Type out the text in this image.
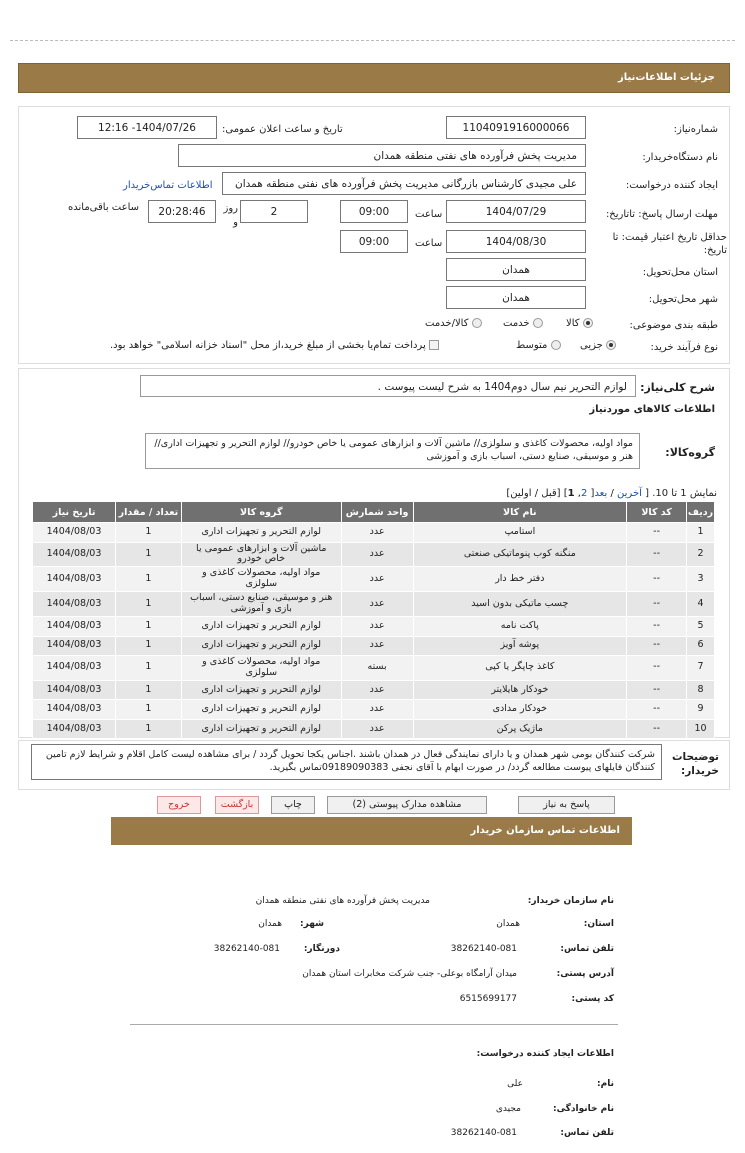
جزئیات اطلاعات‌نیاز
شماره‌نیاز:
1104091916000066
تاریخ و ساعت اعلان عمومی:
1404/07/26- 12:16
نام دستگاه‌خریدار:
مدیریت پخش فرآورده های نفتی منطقه همدان
ایجاد کننده درخواست:
علی مجیدی کارشناس بازرگانی مدیریت پخش فرآورده های نفتی منطقه همدان
اطلاعات تماس‌خریدار
مهلت ارسال پاسخ: تاتاریخ:
1404/07/29
ساعت
09:00
2
روز و
20:28:46
ساعت باقی‌مانده
حداقل تاریخ اعتبار قیمت: تا تاریخ:
1404/08/30
ساعت
09:00
استان محل‌تحویل:
همدان
شهر محل‌تحویل:
همدان
طبقه بندی موضوعی:
کالا
خدمت
کالا/خدمت
نوع فرآیند خرید:
جزیی
متوسط
پرداخت تمام‌یا بخشی از مبلغ خرید،از محل "اسناد خزانه اسلامی" خواهد بود.
شرح کلی‌نیاز:
لوازم التحریر نیم سال دوم1404 به شرح لیست پیوست .
اطلاعات کالاهای موردنیاز
گروه‌کالا:
مواد اولیه، محصولات کاغذی و سلولزی// ماشین آلات و ابزارهای عمومی یا خاص خودرو// لوازم التحریر و تجهیزات اداری// هنر و موسیقی، صنایع دستی، اسباب بازی و آموزشی
نمایش 1 تا 10. [ آخرین / بعد[ 2, 1] [قبل / اولین]
ردیف	کد کالا	نام کالا	واحد شمارش	گروه کالا	تعداد / مقدار	تاریخ نیاز
1	--	استامپ	عدد	لوازم التحریر و تجهیزات اداری	1	1404/08/03
2	--	منگنه کوب پنوماتیکی صنعتی	عدد	ماشین آلات و ابزارهای عمومی یا خاص خودرو	1	1404/08/03
3	--	دفتر خط دار	عدد	مواد اولیه، محصولات کاغذی و سلولزی	1	1404/08/03
4	--	چسب ماتیکی بدون اسید	عدد	هنر و موسیقی، صنایع دستی، اسباب بازی و آموزشی	1	1404/08/03
5	--	پاکت نامه	عدد	لوازم التحریر و تجهیزات اداری	1	1404/08/03
6	--	پوشه آویز	عدد	لوازم التحریر و تجهیزات اداری	1	1404/08/03
7	--	کاغذ چاپگر یا کپی	بسته	مواد اولیه، محصولات کاغذی و سلولزی	1	1404/08/03
8	--	خودکار هایلایتر	عدد	لوازم التحریر و تجهیزات اداری	1	1404/08/03
9	--	خودکار مدادی	عدد	لوازم التحریر و تجهیزات اداری	1	1404/08/03
10	--	ماژیک پرکن	عدد	لوازم التحریر و تجهیزات اداری	1	1404/08/03
توضیحات خریدار:
شرکت کنندگان بومی شهر همدان و یا دارای نمایندگی فعال در همدان باشند .اجناس یکجا تحویل گردد / برای مشاهده لیست کامل اقلام و شرایط لازم تامین کنندگان فایلهای پیوست مطالعه گردد/ در صورت ابهام با آقای نجفی 09189090383تماس بگیرید.
پاسخ به نیاز
مشاهده مدارک پیوستی (2)
چاپ
بازگشت
خروج
اطلاعات تماس سازمان خریدار
نام سازمان خریدار:
مدیریت پخش فرآورده های نفتی منطقه همدان
استان:
همدان
شهر:
همدان
تلفن تماس:
38262140-081
دورنگار:
38262140-081
آدرس پستی:
میدان آرامگاه بوعلی- جنب شرکت مخابرات استان همدان
کد پستی:
6515699177
اطلاعات ایجاد کننده درخواست:
نام:
علی
نام خانوادگی:
مجیدی
تلفن تماس:
38262140-081
